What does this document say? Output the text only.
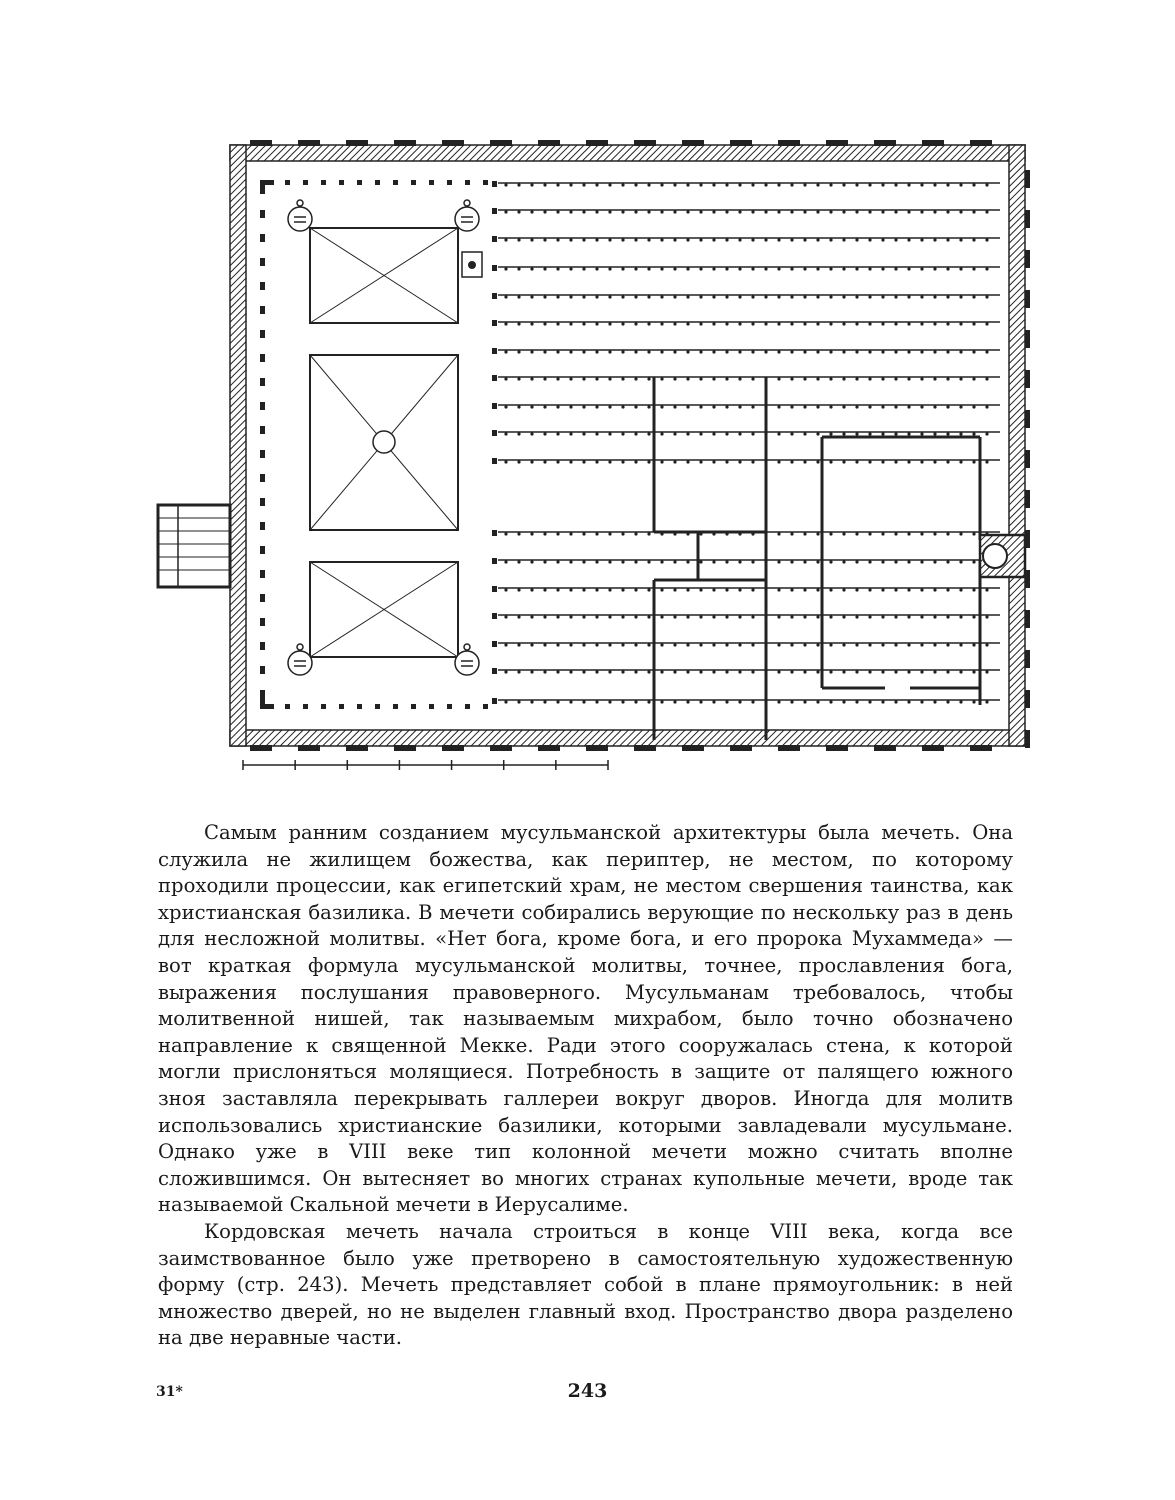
Самым ранним созданием мусульманской архитектуры была мечеть. Она служила не жилищем божества, как периптер, не местом, по которому проходили процессии, как египетский храм, не местом свершения таинства, как христианская базилика. В мечети собирались верующие по нескольку раз в день для несложной молитвы. «Нет бога, кроме бога, и его пророка Мухаммеда» — вот краткая формула мусульманской молитвы, точнее, прославления бога, выражения послушания правоверного. Мусульманам требовалось, чтобы молитвенной нишей, так называемым михрабом, было точно обозначено направление к священной Мекке. Ради этого сооружалась стена, к которой могли прислоняться молящиеся. Потребность в защите от палящего южного зноя заставляла перекрывать галлереи вокруг дворов. Иногда для молитв использовались христианские базилики, которыми завладевали мусульмане. Однако уже в VIII веке тип колонной мечети можно считать вполне сложившимся. Он вытесняет во многих странах купольные мечети, вроде так называемой Скальной мечети в Иерусалиме.

Кордовская мечеть начала строиться в конце VIII века, когда все заимствованное было уже претворено в самостоятельную художественную форму (стр. 243). Мечеть представляет собой в плане прямоугольник: в ней множество дверей, но не выделен главный вход. Пространство двора разделено на две неравные части.

31*	243
